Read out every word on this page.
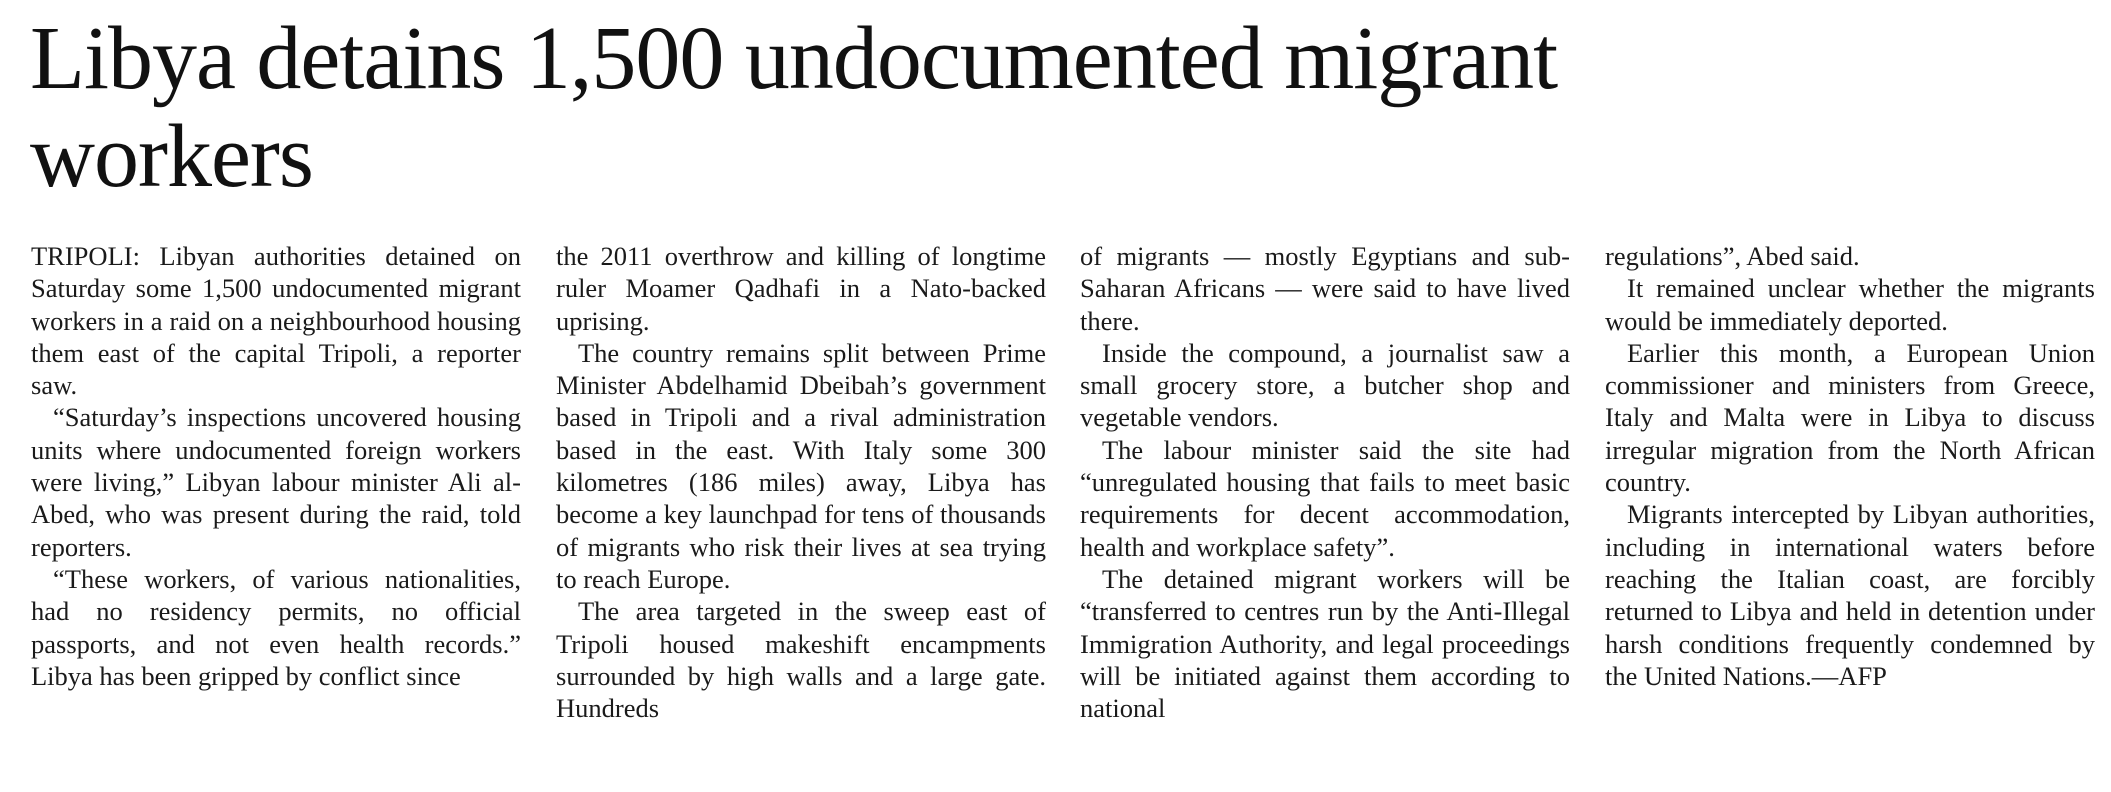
Libya detains 1,500 undocumented migrant workers

TRIPOLI: Libyan authorities detained on Saturday some 1,500 undocumented migrant workers in a raid on a neighbourhood housing them east of the capital Tripoli, a reporter saw.

“Saturday’s inspections uncovered housing units where undocumented foreign workers were living,” Libyan labour minister Ali al-Abed, who was present during the raid, told reporters.

“These workers, of various nationalities, had no residency permits, no official passports, and not even health records.” Libya has been gripped by conflict since

the 2011 overthrow and killing of longtime ruler Moamer Qadhafi in a Nato-backed uprising.

The country remains split between Prime Minister Abdelhamid Dbeibah’s government based in Tripoli and a rival administration based in the east. With Italy some 300 kilometres (186 miles) away, Libya has become a key launchpad for tens of thousands of migrants who risk their lives at sea trying to reach Europe.

The area targeted in the sweep east of Tripoli housed makeshift encampments surrounded by high walls and a large gate. Hundreds

of migrants — mostly Egyptians and sub-Saharan Africans — were said to have lived there.

Inside the compound, a journalist saw a small grocery store, a butcher shop and vegetable vendors.

The labour minister said the site had “unregulated housing that fails to meet basic requirements for decent accommodation, health and workplace safety”.

The detained migrant workers will be “transferred to centres run by the Anti-Illegal Immigration Authority, and legal proceedings will be initiated against them according to national

regulations”, Abed said.

It remained unclear whether the migrants would be immediately deported.

Earlier this month, a European Union commissioner and ministers from Greece, Italy and Malta were in Libya to discuss irregular migration from the North African country.

Migrants intercepted by Libyan authorities, including in international waters before reaching the Italian coast, are forcibly returned to Libya and held in detention under harsh conditions frequently condemned by the United Nations.—AFP
